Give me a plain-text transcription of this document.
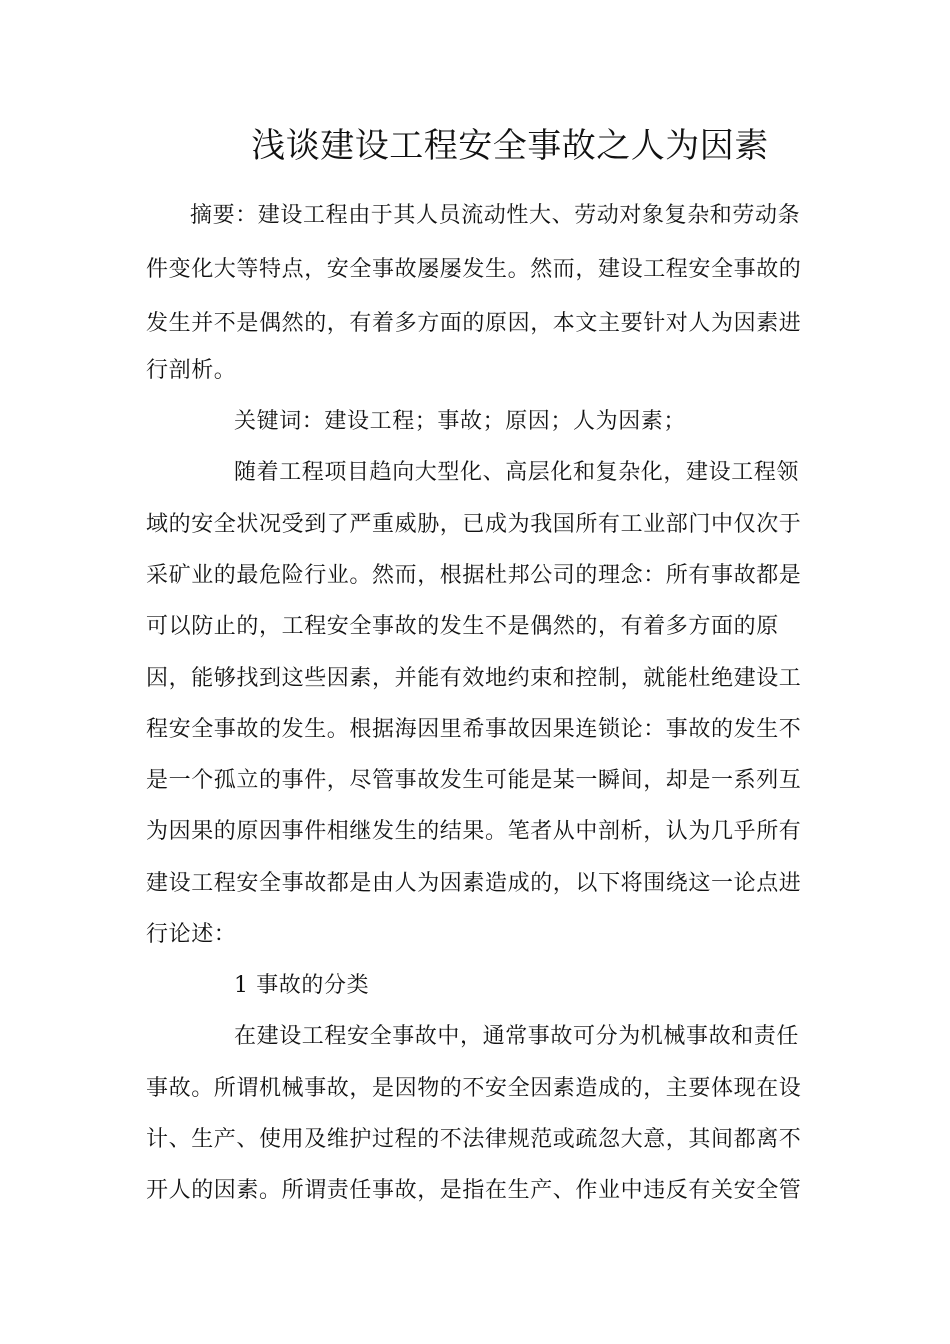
浅谈建设工程安全事故之人为因素
摘要：建设工程由于其人员流动性大、劳动对象复杂和劳动条
件变化大等特点，安全事故屡屡发生。然而，建设工程安全事故的
发生并不是偶然的，有着多方面的原因，本文主要针对人为因素进
行剖析。
关键词：建设工程；事故；原因；人为因素；
随着工程项目趋向大型化、高层化和复杂化，建设工程领
域的安全状况受到了严重威胁，已成为我国所有工业部门中仅次于
采矿业的最危险行业。然而，根据杜邦公司的理念：所有事故都是
可以防止的，工程安全事故的发生不是偶然的，有着多方面的原
因，能够找到这些因素，并能有效地约束和控制，就能杜绝建设工
程安全事故的发生。根据海因里希事故因果连锁论：事故的发生不
是一个孤立的事件，尽管事故发生可能是某一瞬间，却是一系列互
为因果的原因事件相继发生的结果。笔者从中剖析，认为几乎所有
建设工程安全事故都是由人为因素造成的，以下将围绕这一论点进
行论述：
1 事故的分类
在建设工程安全事故中，通常事故可分为机械事故和责任
事故。所谓机械事故，是因物的不安全因素造成的，主要体现在设
计、生产、使用及维护过程的不法律规范或疏忽大意，其间都离不
开人的因素。所谓责任事故，是指在生产、作业中违反有关安全管
